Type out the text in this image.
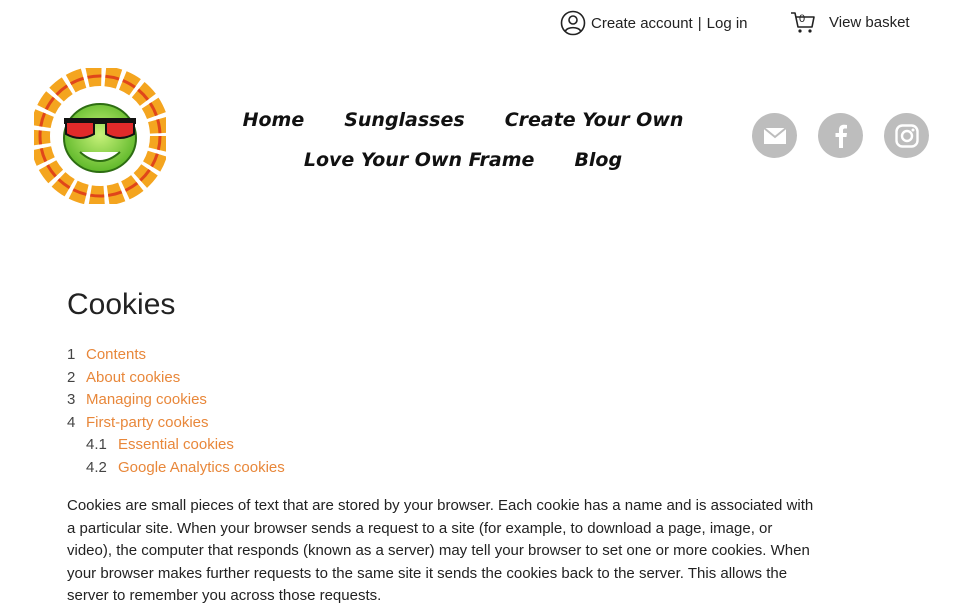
Create account | Log in	0 View basket
Home Sunglasses Create Your Own
Love Your Own Frame Blog
Cookies
1 Contents
2 About cookies
3 Managing cookies
4 First-party cookies
4.1 Essential cookies
4.2 Google Analytics cookies

Cookies are small pieces of text that are stored by your browser. Each cookie has a name and is associated with a particular site. When your browser sends a request to a site (for example, to download a page, image, or video), the computer that responds (known as a server) may tell your browser to set one or more cookies. When your browser makes further requests to the same site it sends the cookies back to the server. This allows the server to remember you across those requests.
